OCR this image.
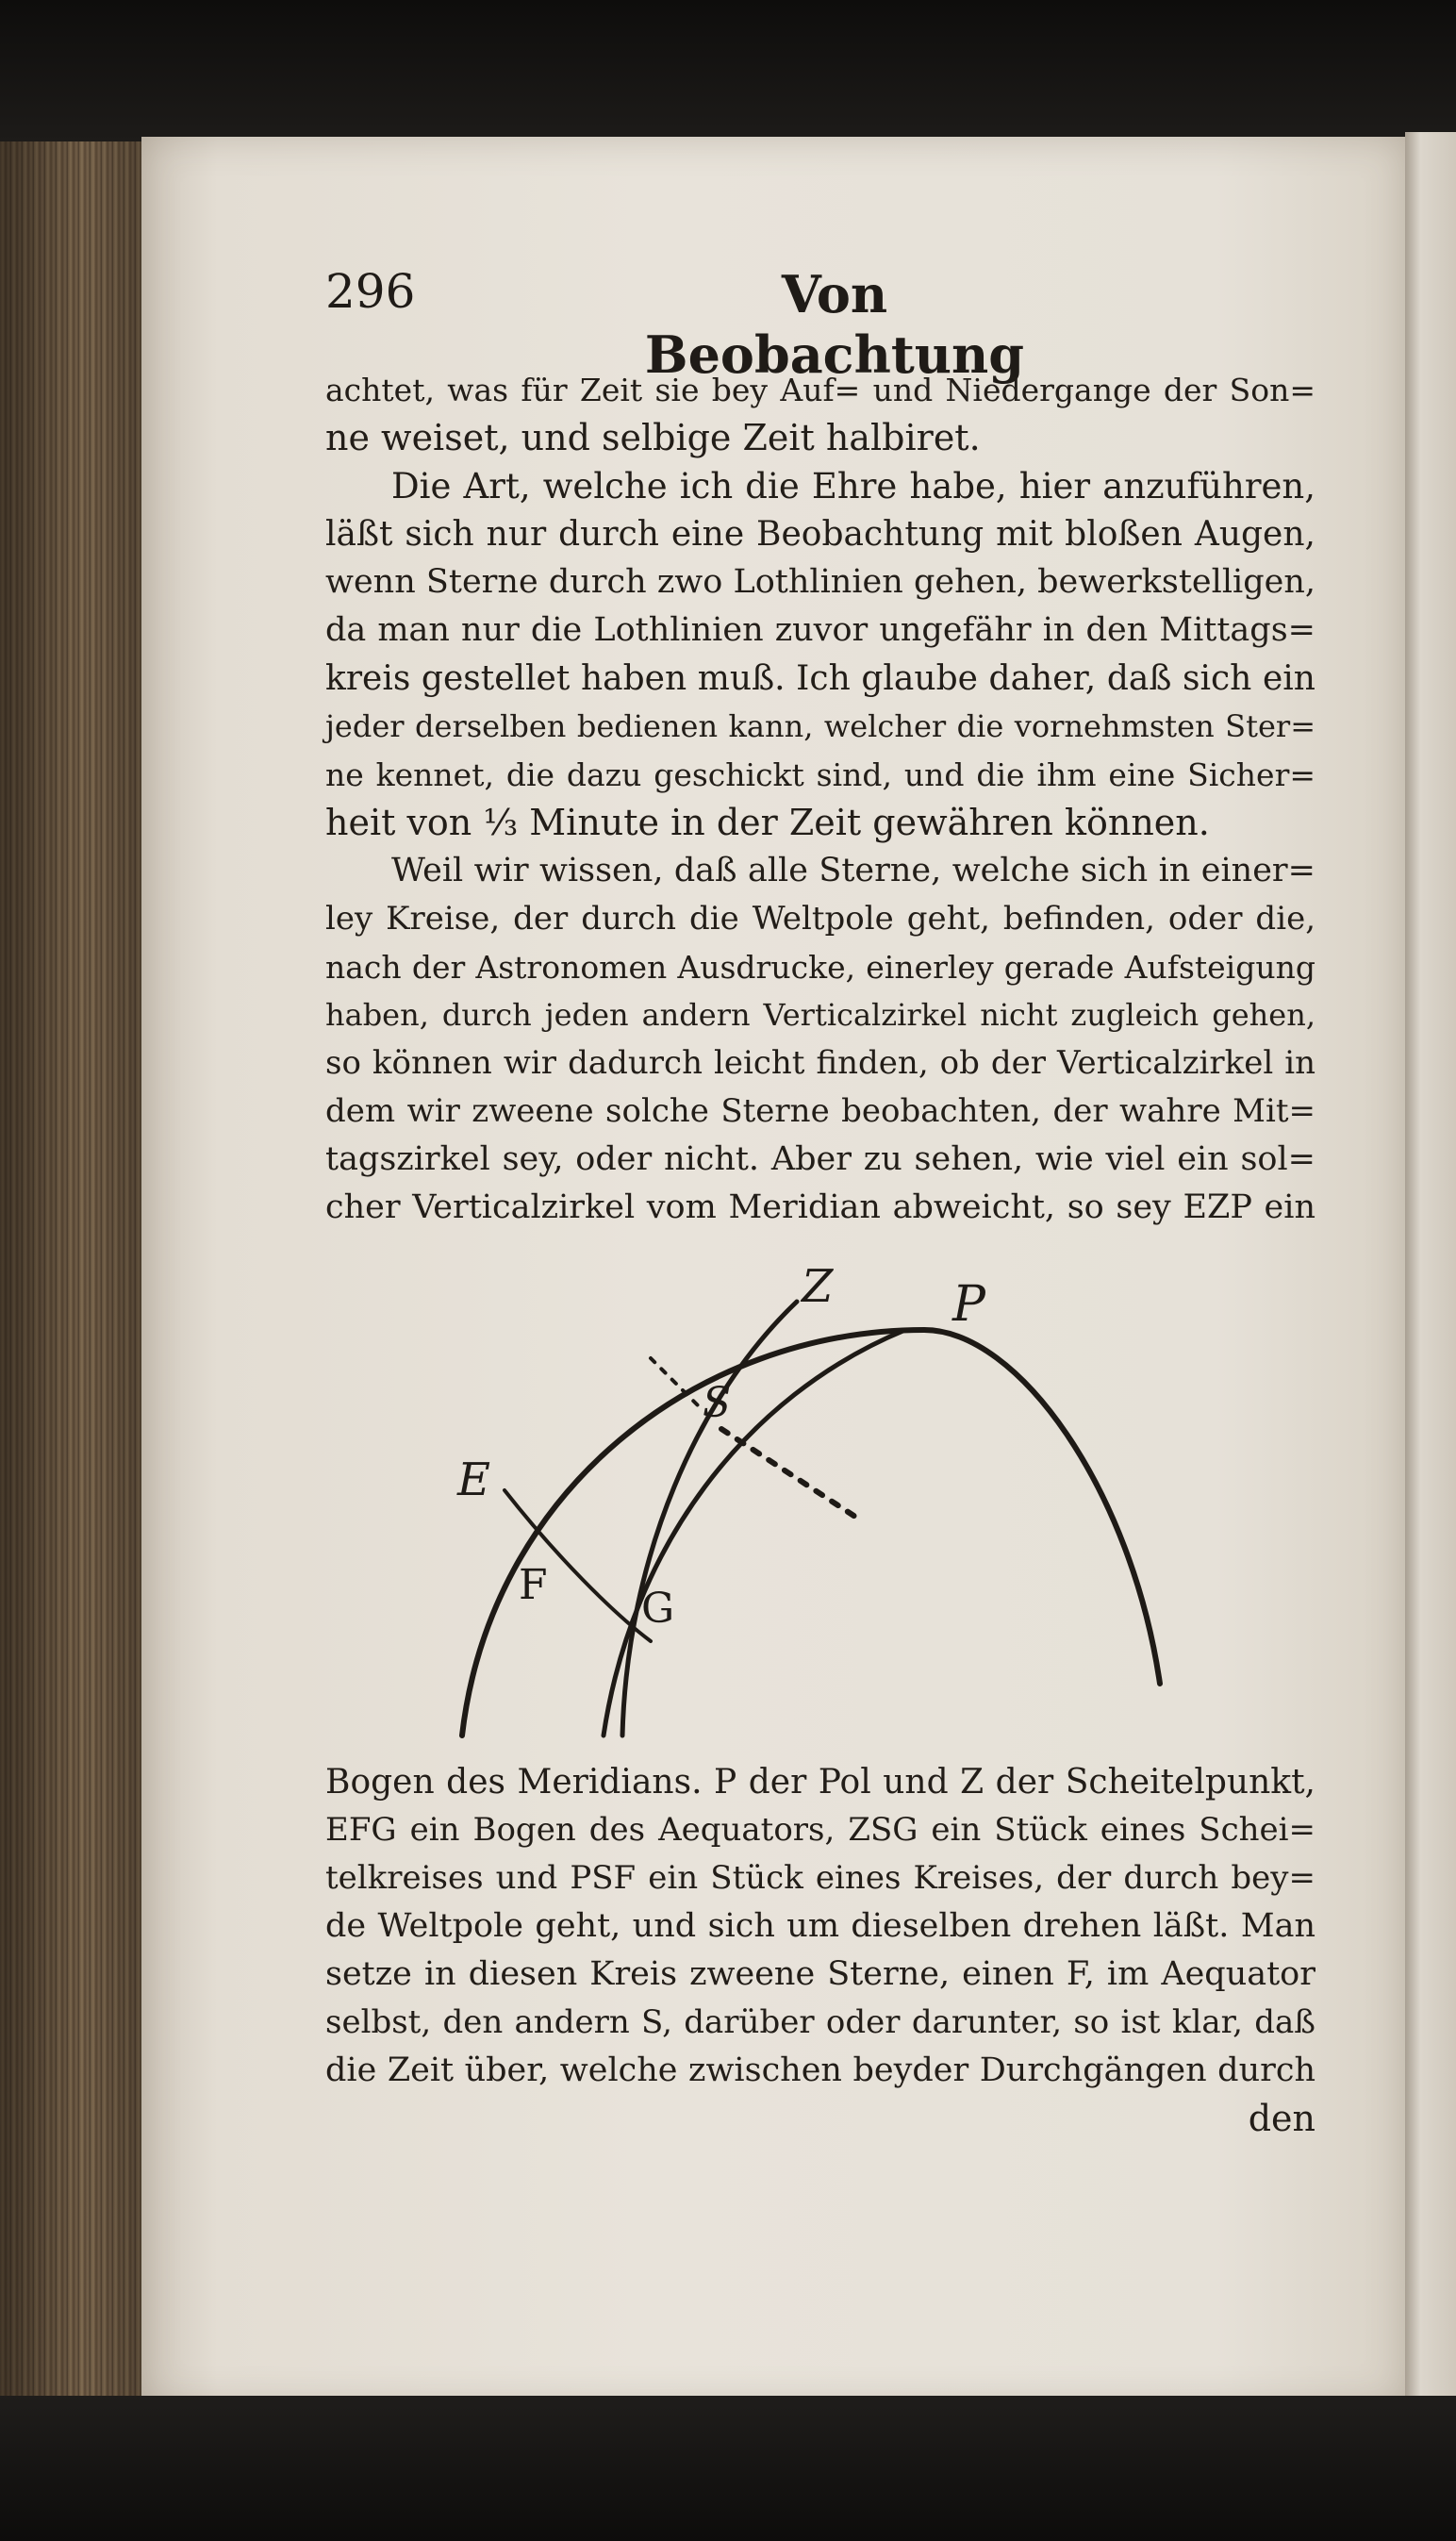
296	Von Beobachtung
achtet, was für Zeit sie bey Auf= und Niedergange der Son=
ne weiset, und selbige Zeit halbiret.
Die Art, welche ich die Ehre habe, hier anzuführen,
läßt sich nur durch eine Beobachtung mit bloßen Augen,
wenn Sterne durch zwo Lothlinien gehen, bewerkstelligen,
da man nur die Lothlinien zuvor ungefähr in den Mittags=
kreis gestellet haben muß. Ich glaube daher, daß sich ein
jeder derselben bedienen kann, welcher die vornehmsten Ster=
ne kennet, die dazu geschickt sind, und die ihm eine Sicher=
heit von ⅓ Minute in der Zeit gewähren können.
Weil wir wissen, daß alle Sterne, welche sich in einer=
ley Kreise, der durch die Weltpole geht, befinden, oder die,
nach der Astronomen Ausdrucke, einerley gerade Aufsteigung
haben, durch jeden andern Verticalzirkel nicht zugleich gehen,
so können wir dadurch leicht finden, ob der Verticalzirkel in
dem wir zweene solche Sterne beobachten, der wahre Mit=
tagszirkel sey, oder nicht. Aber zu sehen, wie viel ein sol=
cher Verticalzirkel vom Meridian abweicht, so sey EZP ein
Z P
S
E
F G
Bogen des Meridians. P der Pol und Z der Scheitelpunkt,
EFG ein Bogen des Aequators, ZSG ein Stück eines Schei=
telkreises und PSF ein Stück eines Kreises, der durch bey=
de Weltpole geht, und sich um dieselben drehen läßt. Man
setze in diesen Kreis zweene Sterne, einen F, im Aequator
selbst, den andern S, darüber oder darunter, so ist klar, daß
die Zeit über, welche zwischen beyder Durchgängen durch
den
